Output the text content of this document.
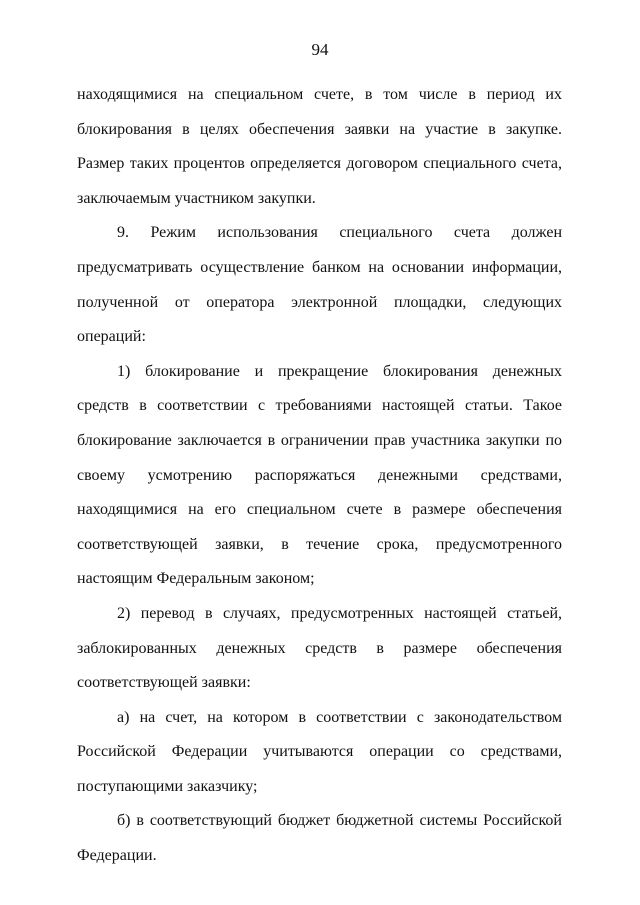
94

находящимися на специальном счете, в том числе в период их блокирования в целях обеспечения заявки на участие в закупке. Размер таких процентов определяется договором специального счета, заключаемым участником закупки.

9. Режим использования специального счета должен предусматривать осуществление банком на основании информации, полученной от оператора электронной площадки, следующих операций:

1) блокирование и прекращение блокирования денежных средств в соответствии с требованиями настоящей статьи. Такое блокирование заключается в ограничении прав участника закупки по своему усмотрению распоряжаться денежными средствами, находящимися на его специальном счете в размере обеспечения соответствующей заявки, в течение срока, предусмотренного настоящим Федеральным законом;

2) перевод в случаях, предусмотренных настоящей статьей, заблокированных денежных средств в размере обеспечения соответствующей заявки:

а) на счет, на котором в соответствии с законодательством Российской Федерации учитываются операции со средствами, поступающими заказчику;

б) в соответствующий бюджет бюджетной системы Российской Федерации.
